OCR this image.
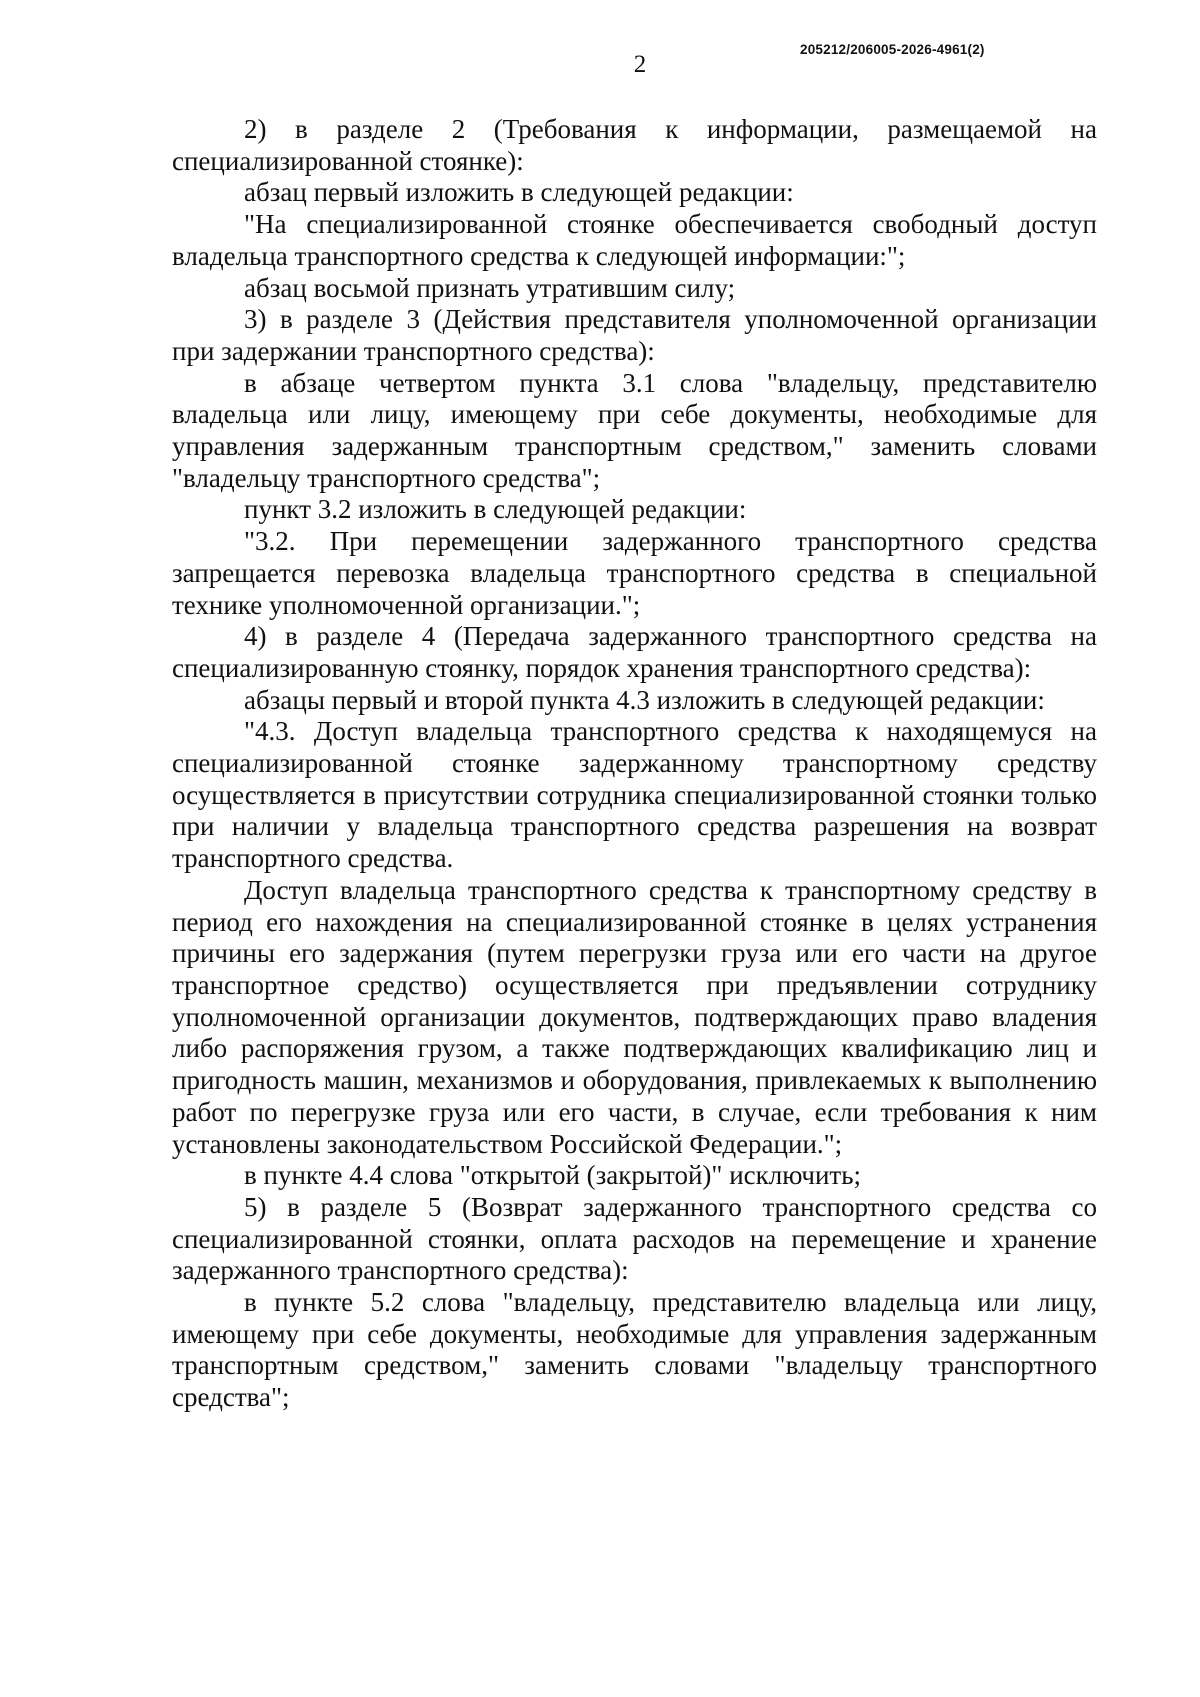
2
205212/206005-2026-4961(2)

2) в разделе 2 (Требования к информации, размещаемой на специализированной стоянке):

абзац первый изложить в следующей редакции:

"На специализированной стоянке обеспечивается свободный доступ владельца транспортного средства к следующей информации:";

абзац восьмой признать утратившим силу;

3) в разделе 3 (Действия представителя уполномоченной организации при задержании транспортного средства):

в абзаце четвертом пункта 3.1 слова "владельцу, представителю владельца или лицу, имеющему при себе документы, необходимые для управления задержанным транспортным средством," заменить словами "владельцу транспортного средства";

пункт 3.2 изложить в следующей редакции:

"3.2. При перемещении задержанного транспортного средства запрещается перевозка владельца транспортного средства в специальной технике уполномоченной организации.";

4) в разделе 4 (Передача задержанного транспортного средства на специализированную стоянку, порядок хранения транспортного средства):

абзацы первый и второй пункта 4.3 изложить в следующей редакции:

"4.3. Доступ владельца транспортного средства к находящемуся на специализированной стоянке задержанному транспортному средству осуществляется в присутствии сотрудника специализированной стоянки только при наличии у владельца транспортного средства разрешения на возврат транспортного средства.

Доступ владельца транспортного средства к транспортному средству в период его нахождения на специализированной стоянке в целях устранения причины его задержания (путем перегрузки груза или его части на другое транспортное средство) осуществляется при предъявлении сотруднику уполномоченной организации документов, подтверждающих право владения либо распоряжения грузом, а также подтверждающих квалификацию лиц и пригодность машин, механизмов и оборудования, привлекаемых к выполнению работ по перегрузке груза или его части, в случае, если требования к ним установлены законодательством Российской Федерации.";

в пункте 4.4 слова "открытой (закрытой)" исключить;

5) в разделе 5 (Возврат задержанного транспортного средства со специализированной стоянки, оплата расходов на перемещение и хранение задержанного транспортного средства):

в пункте 5.2 слова "владельцу, представителю владельца или лицу, имеющему при себе документы, необходимые для управления задержанным транспортным средством," заменить словами "владельцу транспортного средства";
